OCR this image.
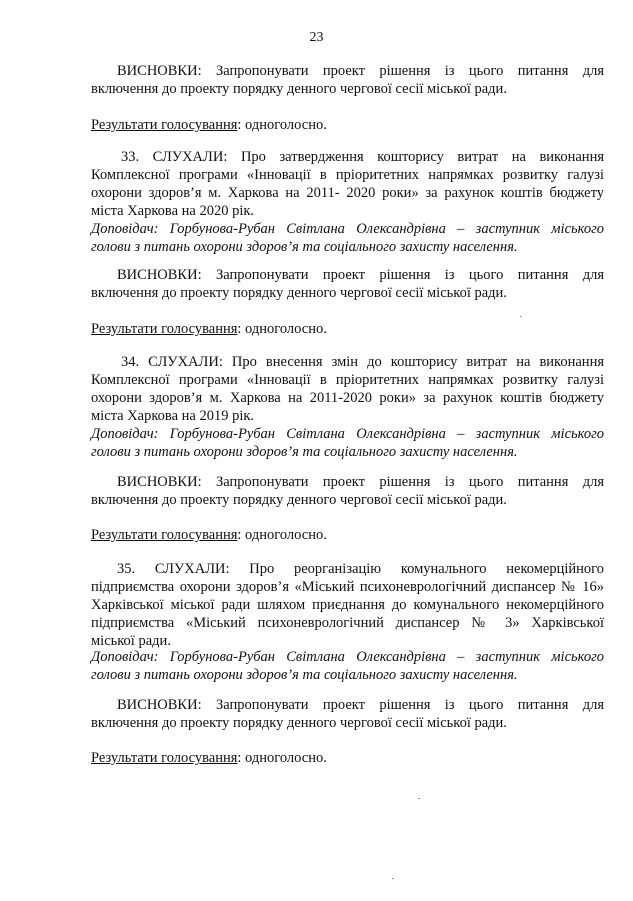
23
ВИСНОВКИ: Запропонувати проект рішення із цього питання для
включення до проекту порядку денного чергової сесії міської ради.
Результати голосування: одноголосно.
33. СЛУХАЛИ: Про затвердження кошторису витрат на виконання
Комплексної програми «Інновації в пріоритетних напрямках розвитку галузі
охорони здоров’я м. Харкова на 2011- 2020 роки» за рахунок коштів бюджету
міста Харкова на 2020 рік.
Доповідач: Горбунова-Рубан Світлана Олександрівна – заступник міського
голови з питань охорони здоров’я та соціального захисту населення.
ВИСНОВКИ: Запропонувати проект рішення із цього питання для
включення до проекту порядку денного чергової сесії міської ради.
Результати голосування: одноголосно.
34. СЛУХАЛИ: Про внесення змін до кошторису витрат на виконання
Комплексної програми «Інновації в пріоритетних напрямках розвитку галузі
охорони здоров’я м. Харкова на 2011-2020 роки» за рахунок коштів бюджету
міста Харкова на 2019 рік.
Доповідач: Горбунова-Рубан Світлана Олександрівна – заступник міського
голови з питань охорони здоров’я та соціального захисту населення.
ВИСНОВКИ: Запропонувати проект рішення із цього питання для
включення до проекту порядку денного чергової сесії міської ради.
Результати голосування: одноголосно.
35. СЛУХАЛИ: Про реорганізацію комунального некомерційного
підприємства охорони здоров’я «Міський психоневрологічний диспансер № 16»
Харківської міської ради шляхом приєднання до комунального некомерційного
підприємства «Міський психоневрологічний диспансер № 3» Харківської
міської ради.
Доповідач: Горбунова-Рубан Світлана Олександрівна – заступник міського
голови з питань охорони здоров’я та соціального захисту населення.
ВИСНОВКИ: Запропонувати проект рішення із цього питання для
включення до проекту порядку денного чергової сесії міської ради.
Результати голосування: одноголосно.
